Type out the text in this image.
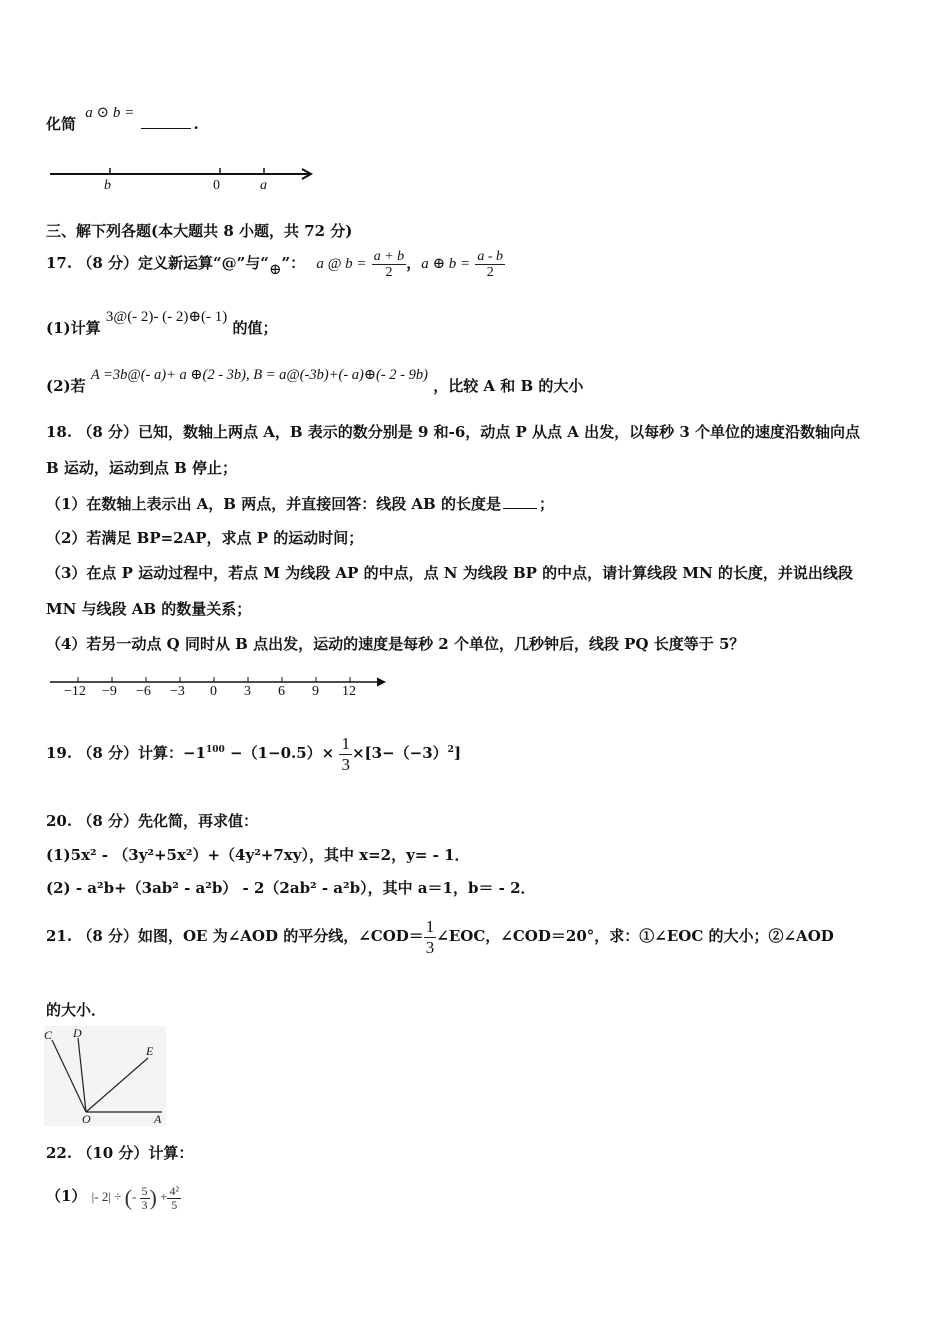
化简 a ⊙ b = .
b	0	a
三、解下列各题(本大题共 8 小题，共 72 分)
17. （8 分）定义新运算“@”与“⊕”： a @ $b = \frac{a + b}{2}$ ，a ⊕ $b = \frac{a - b}{2}$
(1)计算 3@(- 2)- (- 2)⊕(- 1) 的值；
(2)若 A =3b@(- a)+ a ⊕(2 - 3b), B = a@(-3b)+(- a)⊕(- 2 - 9b) ，比较 A 和 B 的大小
18. （8 分）已知，数轴上两点 A，B 表示的数分别是 9 和-6，动点 P 从点 A 出发，以每秒 3 个单位的速度沿数轴向点
B 运动，运动到点 B 停止；
（1）在数轴上表示出 A，B 两点，并直接回答：线段 AB 的长度是	；
（2）若满足 BP=2AP，求点 P 的运动时间；
（3）在点 P 运动过程中，若点 M 为线段 AP 的中点，点 N 为线段 BP 的中点，请计算线段 MN 的长度，并说出线段
MN 与线段 AB 的数量关系；
（4）若另一动点 Q 同时从 B 点出发，运动的速度是每秒 2 个单位，几秒钟后，线段 PQ 长度等于 5？
−12 −9 −6 −3 0 3 6 9 12
19. （8 分）计算：$-1^{100} -(1-0.5)\times \frac{1}{3} \times[3-(-3)^2]$
20. （8 分）先化简，再求值：
(1)5x² - （3y²+5x²）+（4y²+7xy），其中 x=2，y= - 1．
(2) - a²b+（3ab² - a²b） - 2（2ab² - a²b），其中 a＝1，b＝ - 2．
21. （8 分）如图，OE 为∠AOD 的平分线，∠COD＝ $\frac{1}{3}$ ∠EOC，∠COD＝20°，求：①∠EOC 的大小；②∠AOD
的大小．
C D
E
O	A
22. （10 分）计算：
（1） |- 2| ÷ (- $\frac{5}{3}$ ) + $\frac{\text{4²}}{5}$
